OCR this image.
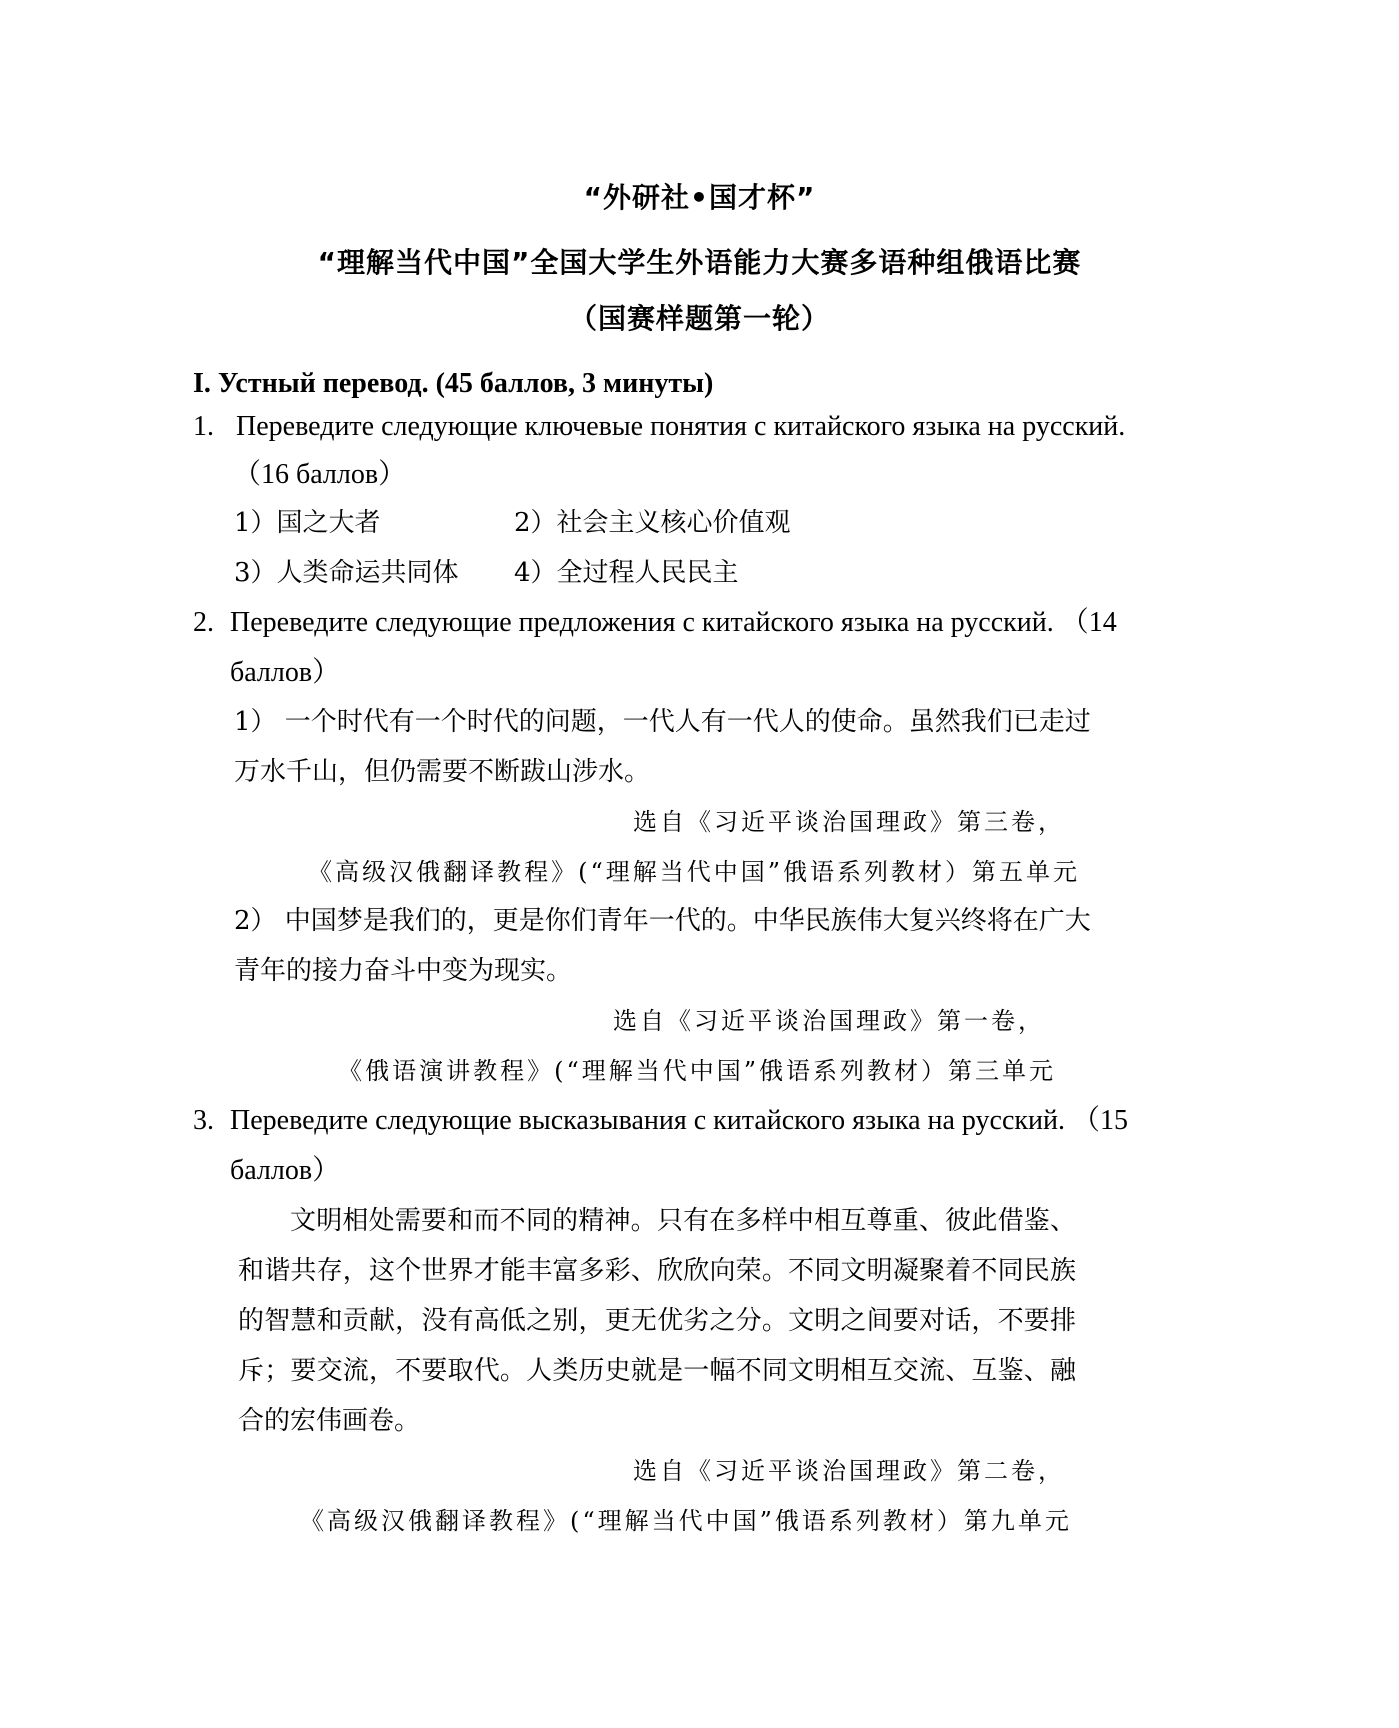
“外研社•国才杯”
“理解当代中国”全国大学生外语能力大赛多语种组俄语比赛
（国赛样题第一轮）
I. Устный перевод. (45 баллов, 3 минуты)
1. Переведите следующие ключевые понятия с китайского языка на русский.
（16 баллов）
1）国之大者	2）社会主义核心价值观
3）人类命运共同体 4）全过程人民民主
2. Переведите следующие предложения с китайского языка на русский. （14
баллов）
1） 一个时代有一个时代的问题，一代人有一代人的使命。虽然我们已走过
万水千山，但仍需要不断跋山涉水。
选自《习近平谈治国理政》第三卷，
《高级汉俄翻译教程》(“理解当代中国”俄语系列教材）第五单元
2） 中国梦是我们的，更是你们青年一代的。中华民族伟大复兴终将在广大
青年的接力奋斗中变为现实。
选自《习近平谈治国理政》第一卷，
《俄语演讲教程》(“理解当代中国”俄语系列教材）第三单元
3. Переведите следующие высказывания с китайского языка на русский. （15
баллов）
文明相处需要和而不同的精神。只有在多样中相互尊重、彼此借鉴、
和谐共存，这个世界才能丰富多彩、欣欣向荣。不同文明凝聚着不同民族
的智慧和贡献，没有高低之别，更无优劣之分。文明之间要对话，不要排
斥；要交流，不要取代。人类历史就是一幅不同文明相互交流、互鉴、融
合的宏伟画卷。
选自《习近平谈治国理政》第二卷，
《高级汉俄翻译教程》(“理解当代中国”俄语系列教材）第九单元
